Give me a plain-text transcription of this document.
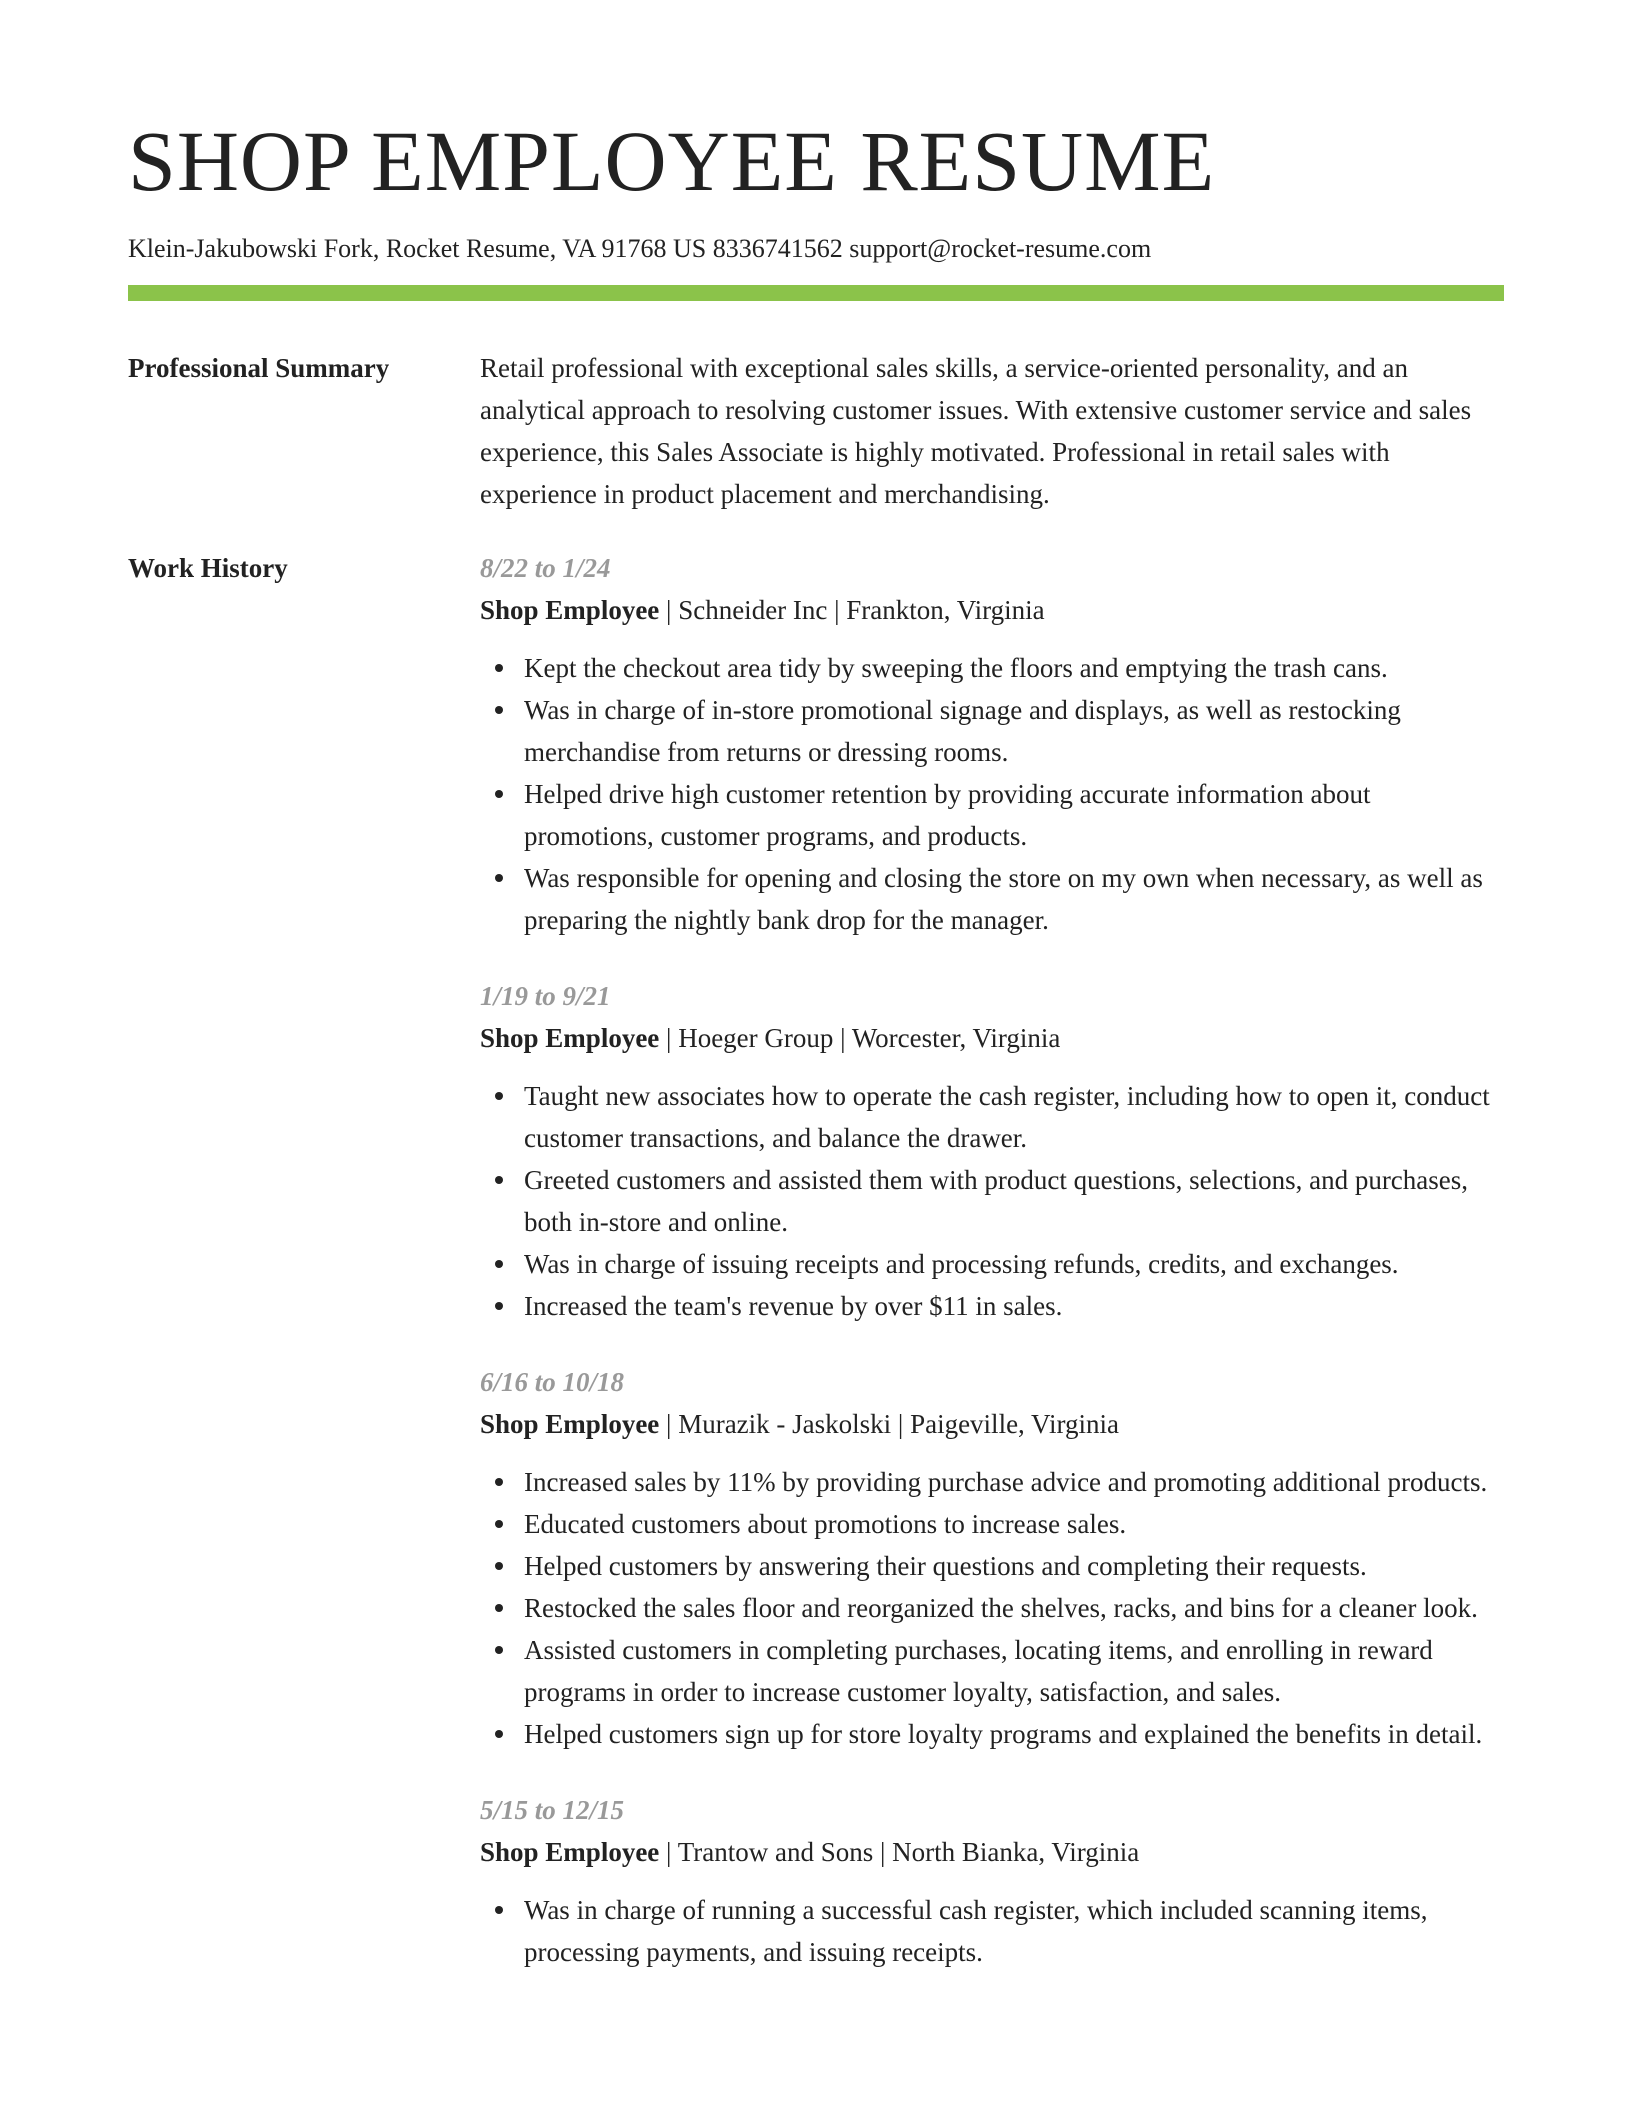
SHOP EMPLOYEE RESUME
Klein-Jakubowski Fork, Rocket Resume, VA 91768 US 8336741562 support@rocket-resume.com
Professional Summary	Retail professional with exceptional sales skills, a service-oriented personality, and an analytical approach to resolving customer issues. With extensive customer service and sales experience, this Sales Associate is highly motivated. Professional in retail sales with experience in product placement and merchandising.

Work History	8/22 to 1/24
Shop Employee | Schneider Inc | Frankton, Virginia
Kept the checkout area tidy by sweeping the floors and emptying the trash cans.
Was in charge of in-store promotional signage and displays, as well as restocking merchandise from returns or dressing rooms.
Helped drive high customer retention by providing accurate information about promotions, customer programs, and products.
Was responsible for opening and closing the store on my own when necessary, as well as preparing the nightly bank drop for the manager.
1/19 to 9/21
Shop Employee | Hoeger Group | Worcester, Virginia
Taught new associates how to operate the cash register, including how to open it, conduct customer transactions, and balance the drawer.
Greeted customers and assisted them with product questions, selections, and purchases, both in-store and online.
Was in charge of issuing receipts and processing refunds, credits, and exchanges.
Increased the team's revenue by over $11 in sales.
6/16 to 10/18
Shop Employee | Murazik - Jaskolski | Paigeville, Virginia
Increased sales by 11% by providing purchase advice and promoting additional products.
Educated customers about promotions to increase sales.
Helped customers by answering their questions and completing their requests.
Restocked the sales floor and reorganized the shelves, racks, and bins for a cleaner look.
Assisted customers in completing purchases, locating items, and enrolling in reward programs in order to increase customer loyalty, satisfaction, and sales.
Helped customers sign up for store loyalty programs and explained the benefits in detail.
5/15 to 12/15
Shop Employee | Trantow and Sons | North Bianka, Virginia
Was in charge of running a successful cash register, which included scanning items, processing payments, and issuing receipts.
